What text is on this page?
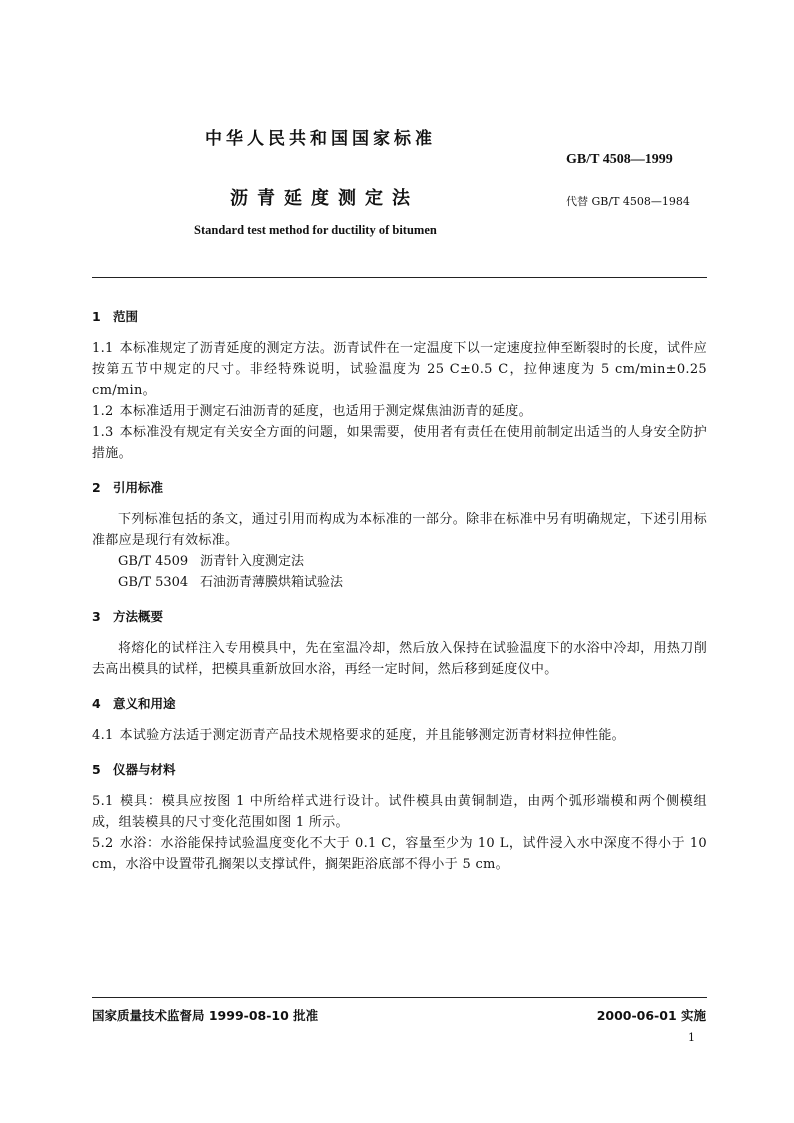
中华人民共和国国家标准
GB/T 4508—1999
沥青延度测定法	代替 GB/T 4508—1984
Standard test method for ductility of bitumen
1 范围

1.1 本标准规定了沥青延度的测定方法。沥青试件在一定温度下以一定速度拉伸至断裂时的长度，试件应按第五节中规定的尺寸。非经特殊说明，试验温度为 25 C±0.5 C，拉伸速度为 5 cm/min±0.25 cm/min。

1.2 本标准适用于测定石油沥青的延度，也适用于测定煤焦油沥青的延度。

1.3 本标准没有规定有关安全方面的问题，如果需要，使用者有责任在使用前制定出适当的人身安全防护措施。

2 引用标准

下列标准包括的条文，通过引用而构成为本标准的一部分。除非在标准中另有明确规定，下述引用标准都应是现行有效标准。

GB/T 4509 沥青针入度测定法

GB/T 5304 石油沥青薄膜烘箱试验法

3 方法概要

将熔化的试样注入专用模具中，先在室温冷却，然后放入保持在试验温度下的水浴中冷却，用热刀削去高出模具的试样，把模具重新放回水浴，再经一定时间，然后移到延度仪中。

4 意义和用途

4.1 本试验方法适于测定沥青产品技术规格要求的延度，并且能够测定沥青材料拉伸性能。

5 仪器与材料

5.1 模具：模具应按图 1 中所给样式进行设计。试件模具由黄铜制造，由两个弧形端模和两个侧模组成，组装模具的尺寸变化范围如图 1 所示。

5.2 水浴：水浴能保持试验温度变化不大于 0.1 C，容量至少为 10 L，试件浸入水中深度不得小于 10 cm，水浴中设置带孔搁架以支撑试件，搁架距浴底部不得小于 5 cm。

国家质量技术监督局 1999-08-10 批准	2000-06-01 实施
1
